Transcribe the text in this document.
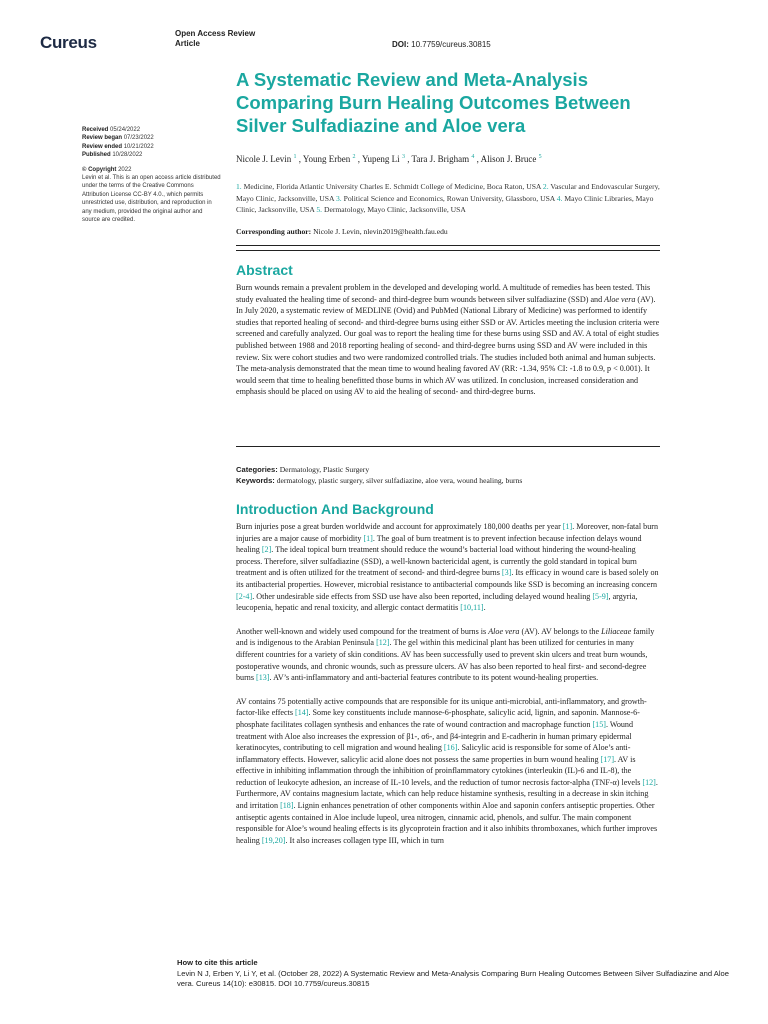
Cureus	Open Access Review
Article	DOI: 10.7759/cureus.30815
Received 05/24/2022
Review began 07/23/2022
Review ended 10/21/2022
Published 10/28/2022
© Copyright 2022
Levin et al. This is an open access article distributed under the terms of the Creative Commons Attribution License CC-BY 4.0., which permits unrestricted use, distribution, and reproduction in any medium, provided the original author and source are credited.
A Systematic Review and Meta-Analysis Comparing Burn Healing Outcomes Between Silver Sulfadiazine and Aloe vera
Nicole J. Levin $^1$ , Young Erben $^2$ , Yupeng Li $^3$ , Tara J. Brigham $^4$ , Alison J. Bruce $^5$
1. Medicine, Florida Atlantic University Charles E. Schmidt College of Medicine, Boca Raton, USA 2. Vascular and Endovascular Surgery, Mayo Clinic, Jacksonville, USA 3. Political Science and Economics, Rowan University, Glassboro, USA 4. Mayo Clinic Libraries, Mayo Clinic, Jacksonville, USA 5. Dermatology, Mayo Clinic, Jacksonville, USA
Corresponding author: Nicole J. Levin, nlevin2019@health.fau.edu
Abstract
Burn wounds remain a prevalent problem in the developed and developing world. A multitude of remedies has been tested. This study evaluated the healing time of second- and third-degree burn wounds between silver sulfadiazine (SSD) and Aloe vera (AV). In July 2020, a systematic review of MEDLINE (Ovid) and PubMed (National Library of Medicine) was performed to identify studies that reported healing of second- and third-degree burns using either SSD or AV. Articles meeting the inclusion criteria were screened and carefully analyzed. Our goal was to report the healing time for these burns using SSD and AV. A total of eight studies published between 1988 and 2018 reporting healing of second- and third-degree burns using SSD and AV were included in this review. Six were cohort studies and two were randomized controlled trials. The studies included both animal and human subjects. The meta-analysis demonstrated that the mean time to wound healing favored AV (RR: -1.34, 95% CI: -1.8 to 0.9, p < 0.001). It would seem that time to healing benefitted those burns in which AV was utilized. In conclusion, increased consideration and emphasis should be placed on using AV to aid the healing of second- and third-degree burns.
Categories: Dermatology, Plastic Surgery
Keywords: dermatology, plastic surgery, silver sulfadiazine, aloe vera, wound healing, burns
Introduction And Background
Burn injuries pose a great burden worldwide and account for approximately 180,000 deaths per year [1]. Moreover, non-fatal burn injuries are a major cause of morbidity [1]. The goal of burn treatment is to prevent infection because infection delays wound healing [2]. The ideal topical burn treatment should reduce the wound’s bacterial load without hindering the wound-healing process. Therefore, silver sulfadiazine (SSD), a well-known bactericidal agent, is currently the gold standard in topical burn treatment and is often utilized for the treatment of second- and third-degree burns [3]. Its efficacy in wound care is based solely on its antibacterial properties. However, microbial resistance to antibacterial compounds like SSD is becoming an increasing concern [2-4]. Other undesirable side effects from SSD use have also been reported, including delayed wound healing [5-9], argyria, leucopenia, hepatic and renal toxicity, and allergic contact dermatitis [10,11].
Another well-known and widely used compound for the treatment of burns is Aloe vera (AV). AV belongs to the Liliaceae family and is indigenous to the Arabian Peninsula [12]. The gel within this medicinal plant has been utilized for centuries in many different countries for a variety of skin conditions. AV has been successfully used to prevent skin ulcers and treat burn wounds, postoperative wounds, and chronic wounds, such as pressure ulcers. AV has also been reported to heal first- and second-degree burns [13]. AV’s anti-inflammatory and anti-bacterial features contribute to its potent wound-healing properties.
AV contains 75 potentially active compounds that are responsible for its unique anti-microbial, anti-inflammatory, and growth-factor-like effects [14]. Some key constituents include mannose-6-phosphate, salicylic acid, lignin, and saponin. Mannose-6-phosphate facilitates collagen synthesis and enhances the rate of wound contraction and macrophage function [15]. Wound treatment with Aloe also increases the expression of β1-, α6-, and β4-integrin and E-cadherin in human primary epidermal keratinocytes, contributing to cell migration and wound healing [16]. Salicylic acid is responsible for some of Aloe’s anti-inflammatory effects. However, salicylic acid alone does not possess the same properties in burn wound healing [17]. AV is effective in inhibiting inflammation through the inhibition of proinflammatory cytokines (interleukin (IL)-6 and IL-8), the reduction of leukocyte adhesion, an increase of IL-10 levels, and the reduction of tumor necrosis factor-alpha (TNF-α) levels [12]. Furthermore, AV contains magnesium lactate, which can help reduce histamine synthesis, resulting in a decrease in skin itching and irritation [18]. Lignin enhances penetration of other components within Aloe and saponin confers antiseptic properties. Other antiseptic agents contained in Aloe include lupeol, urea nitrogen, cinnamic acid, phenols, and sulfur. The main component responsible for Aloe’s wound healing effects is its glycoprotein fraction and it also inhibits thromboxanes, which further improves healing [19,20]. It also increases collagen type III, which in turn
How to cite this article
Levin N J, Erben Y, Li Y, et al. (October 28, 2022) A Systematic Review and Meta-Analysis Comparing Burn Healing Outcomes Between Silver Sulfadiazine and Aloe vera. Cureus 14(10): e30815. DOI 10.7759/cureus.30815
